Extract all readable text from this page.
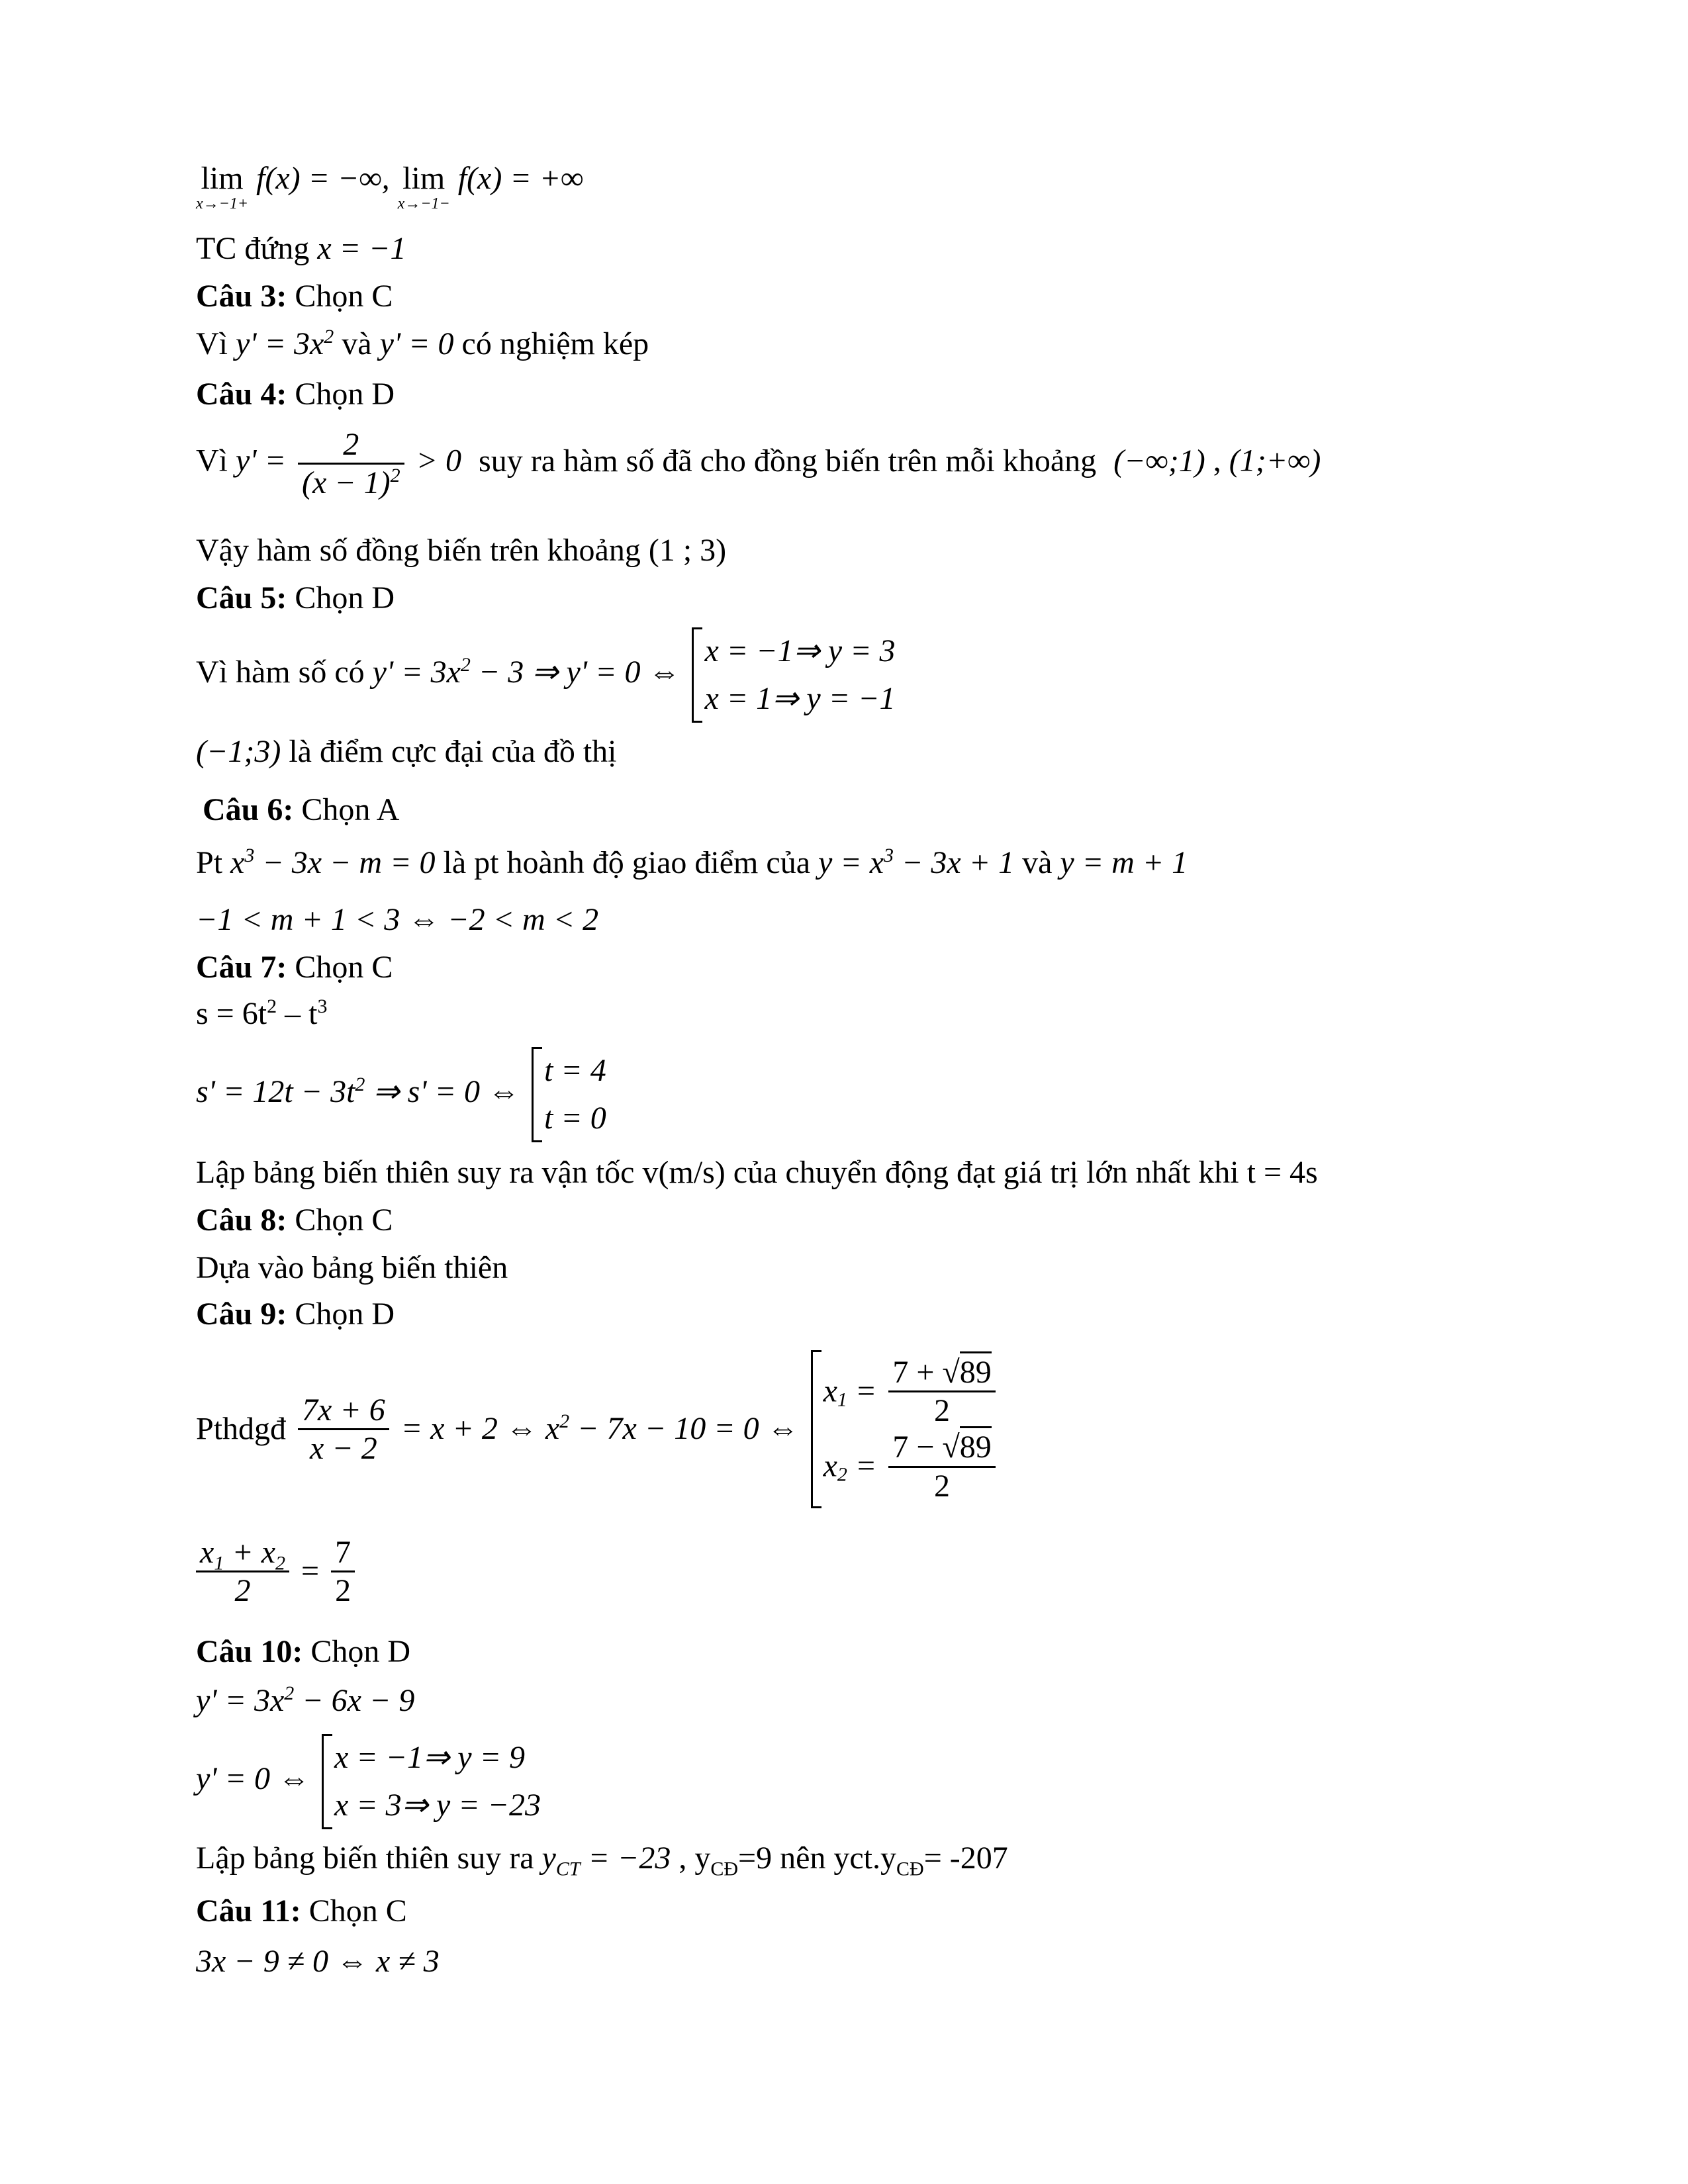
lim
x→−1+
f(x) = −∞, lim
x→−1−
f(x) = +∞
TC đứng x = −1
Câu 3: Chọn C
Vì $y' = 3x^2$ và y' = 0 có nghiệm kép
Câu 4: Chọn D
Vì $y' = \frac{2}{(x - 1)^2} > 0$ suy ra hàm số đã cho đồng biến trên mỗi khoảng (−∞;1) , (1;+∞)
Vậy hàm số đồng biến trên khoảng (1 ; 3)
Câu 5: Chọn D
Vì hàm số có $y' = 3x^2 - 3$ ⇒ y' = 0 ⇔
x = −1⇒ y = 3
x = 1⇒ y = −1
(−1;3) là điểm cực đại của đồ thị
Câu 6: Chọn A
Pt $x^3 - 3x - m = 0$ là pt hoành độ giao điểm của $y = x^3 - 3x + 1$ và y = m + 1
−1 < m + 1 < 3 ⇔ −2 < m < 2
Câu 7: Chọn C
$s = 6t^2 - t^3$
$s' = 12t - 3t^2$ ⇒ s' = 0 ⇔
t = 4
t = 0
Lập bảng biến thiên suy ra vận tốc v(m/s) của chuyển động đạt giá trị lớn nhất khi t = 4s
Câu 8: Chọn C
Dựa vào bảng biến thiên
Câu 9: Chọn D
Pthdgđ $\frac{7x + 6}{x - 2} = x + 2$ ⇔ $x^2 - 7x - 10 = 0$ ⇔
$x_1 = \frac{7 + √89}{2}$
$x_2 = \frac{7 - √89}{2}$
$\frac{x_1 + x_2}{2} = \frac{7}{2}$
Câu 10: Chọn D
$y' = 3x^2 - 6x - 9$
y' = 0 ⇔
x = −1⇒ y = 9
x = 3⇒ y = −23
Lập bảng biến thiên suy ra $y_{CT} = -23$ , $y_{CĐ}=9$ nên $yct.y_{CĐ}= -207$
Câu 11: Chọn C
3x − 9 ≠ 0 ⇔ x ≠ 3
